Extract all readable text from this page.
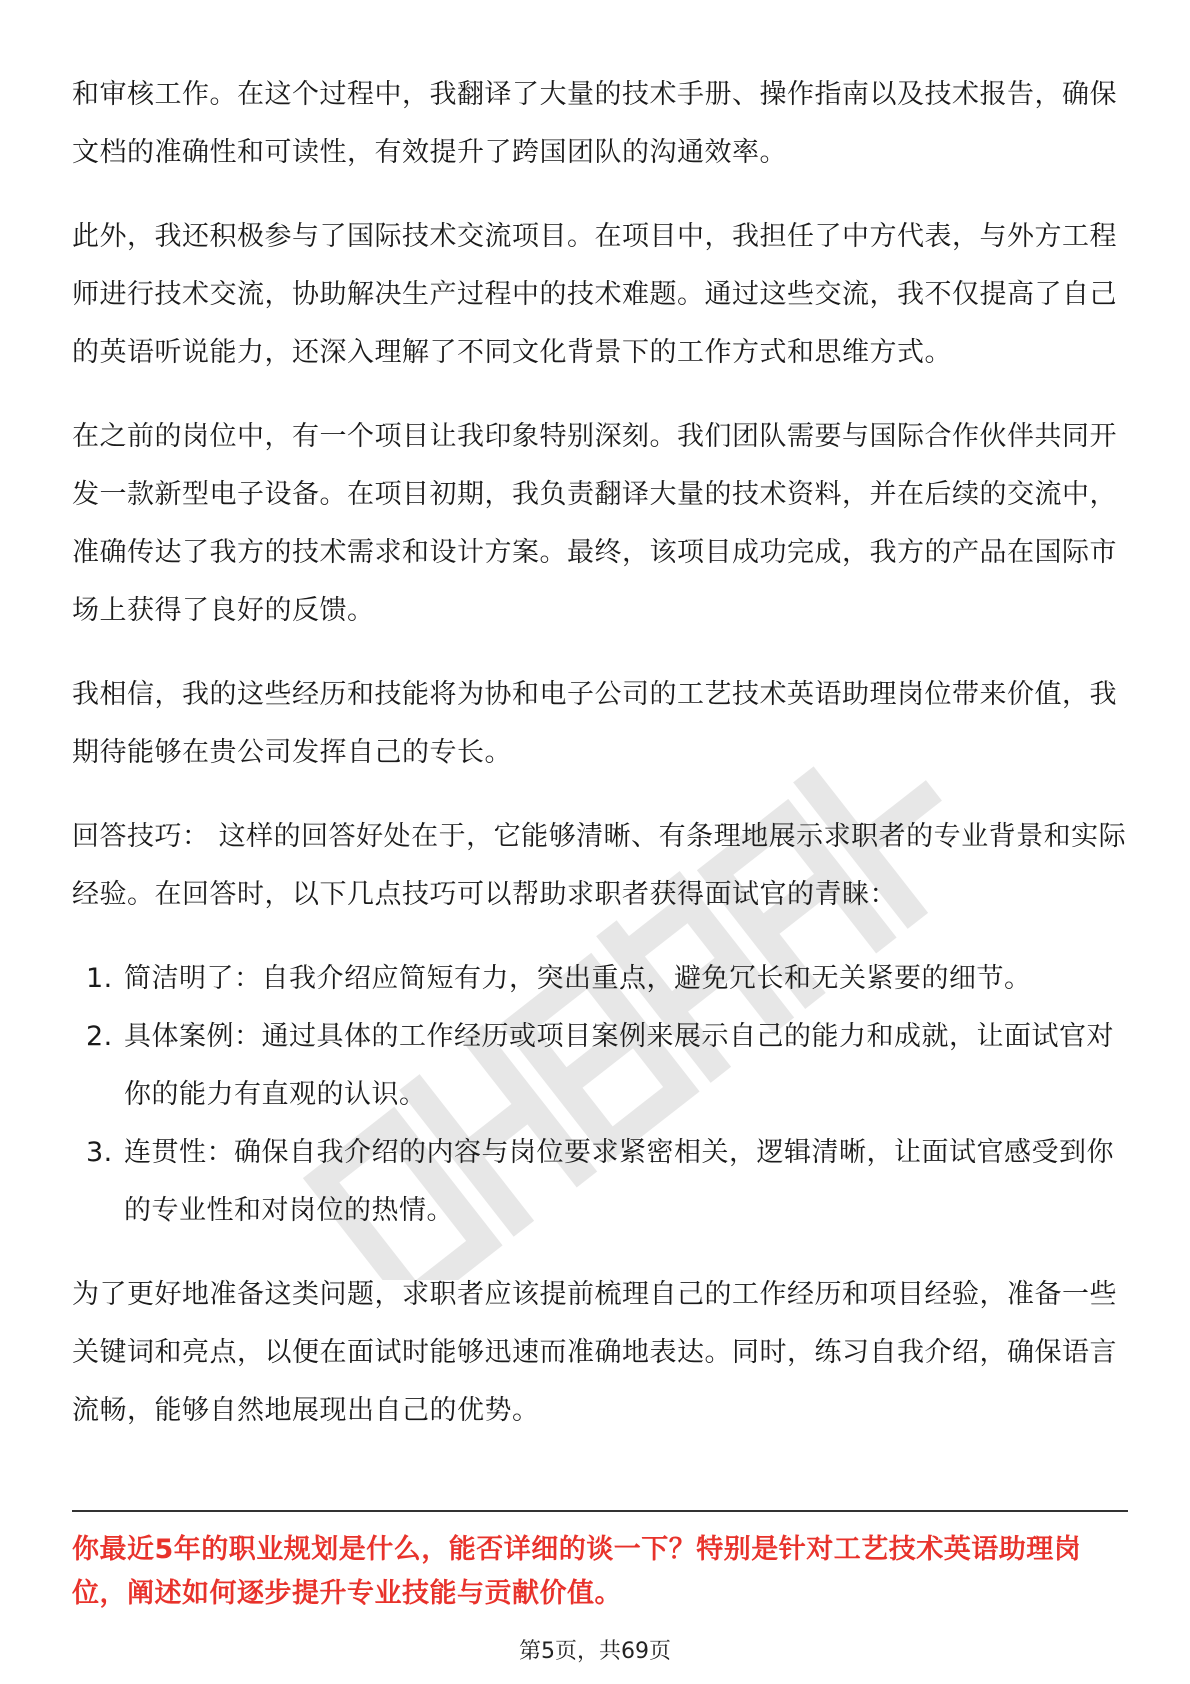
和审核工作。在这个过程中，我翻译了大量的技术手册、操作指南以及技术报告，确保文档的准确性和可读性，有效提升了跨国团队的沟通效率。

此外，我还积极参与了国际技术交流项目。在项目中，我担任了中方代表，与外方工程师进行技术交流，协助解决生产过程中的技术难题。通过这些交流，我不仅提高了自己的英语听说能力，还深入理解了不同文化背景下的工作方式和思维方式。

在之前的岗位中，有一个项目让我印象特别深刻。我们团队需要与国际合作伙伴共同开发一款新型电子设备。在项目初期，我负责翻译大量的技术资料，并在后续的交流中，准确传达了我方的技术需求和设计方案。最终，该项目成功完成，我方的产品在国际市场上获得了良好的反馈。

我相信，我的这些经历和技能将为协和电子公司的工艺技术英语助理岗位带来价值，我期待能够在贵公司发挥自己的专长。

回答技巧： 这样的回答好处在于，它能够清晰、有条理地展示求职者的专业背景和实际经验。在回答时，以下几点技巧可以帮助求职者获得面试官的青睐：

1. 简洁明了：自我介绍应简短有力，突出重点，避免冗长和无关紧要的细节。
2. 具体案例：通过具体的工作经历或项目案例来展示自己的能力和成就，让面试官对你的能力有直观的认识。
3. 连贯性：确保自我介绍的内容与岗位要求紧密相关，逻辑清晰，让面试官感受到你的专业性和对岗位的热情。

为了更好地准备这类问题，求职者应该提前梳理自己的工作经历和项目经验，准备一些关键词和亮点，以便在面试时能够迅速而准确地表达。同时，练习自我介绍，确保语言流畅，能够自然地展现出自己的优势。

你最近5年的职业规划是什么，能否详细的谈一下？特别是针对工艺技术英语助理岗位，阐述如何逐步提升专业技能与贡献价值。

第5页，共69页
